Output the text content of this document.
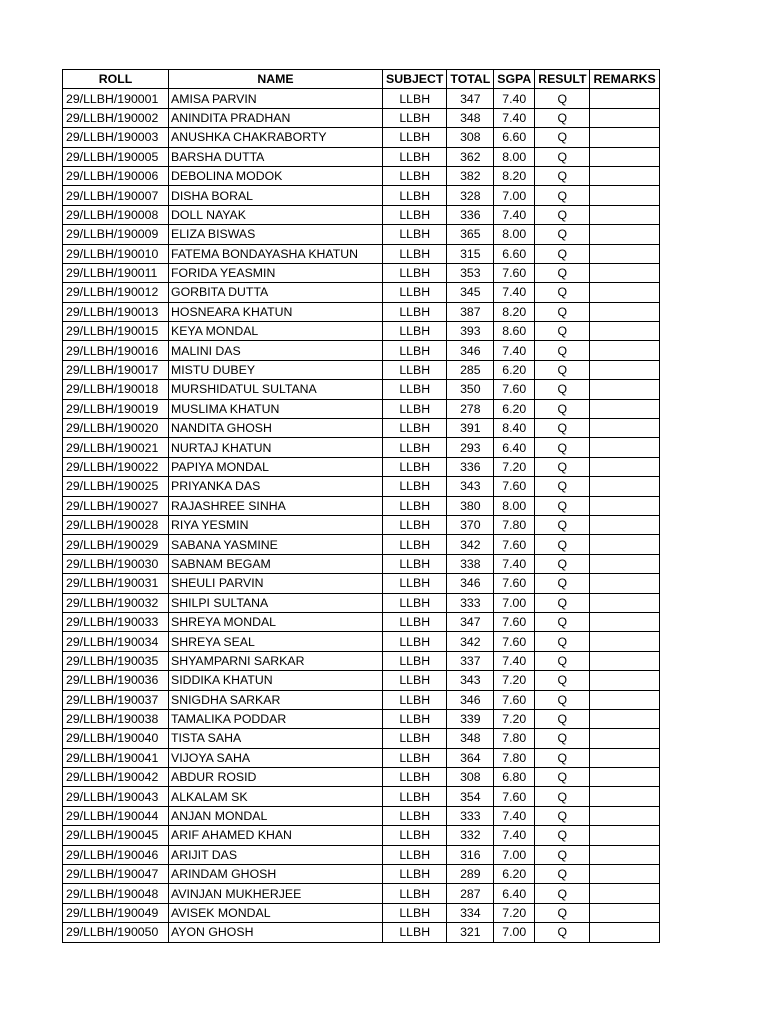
ROLL	NAME	SUBJECT	TOTAL	SGPA	RESULT	REMARKS
29/LLBH/190001	AMISA PARVIN	LLBH	347	7.40	Q	
29/LLBH/190002	ANINDITA PRADHAN	LLBH	348	7.40	Q	
29/LLBH/190003	ANUSHKA CHAKRABORTY	LLBH	308	6.60	Q	
29/LLBH/190005	BARSHA DUTTA	LLBH	362	8.00	Q	
29/LLBH/190006	DEBOLINA MODOK	LLBH	382	8.20	Q	
29/LLBH/190007	DISHA BORAL	LLBH	328	7.00	Q	
29/LLBH/190008	DOLL NAYAK	LLBH	336	7.40	Q	
29/LLBH/190009	ELIZA BISWAS	LLBH	365	8.00	Q	
29/LLBH/190010	FATEMA BONDAYASHA KHATUN	LLBH	315	6.60	Q	
29/LLBH/190011	FORIDA YEASMIN	LLBH	353	7.60	Q	
29/LLBH/190012	GORBITA DUTTA	LLBH	345	7.40	Q	
29/LLBH/190013	HOSNEARA KHATUN	LLBH	387	8.20	Q	
29/LLBH/190015	KEYA MONDAL	LLBH	393	8.60	Q	
29/LLBH/190016	MALINI DAS	LLBH	346	7.40	Q	
29/LLBH/190017	MISTU DUBEY	LLBH	285	6.20	Q	
29/LLBH/190018	MURSHIDATUL SULTANA	LLBH	350	7.60	Q	
29/LLBH/190019	MUSLIMA KHATUN	LLBH	278	6.20	Q	
29/LLBH/190020	NANDITA GHOSH	LLBH	391	8.40	Q	
29/LLBH/190021	NURTAJ KHATUN	LLBH	293	6.40	Q	
29/LLBH/190022	PAPIYA MONDAL	LLBH	336	7.20	Q	
29/LLBH/190025	PRIYANKA DAS	LLBH	343	7.60	Q	
29/LLBH/190027	RAJASHREE SINHA	LLBH	380	8.00	Q	
29/LLBH/190028	RIYA YESMIN	LLBH	370	7.80	Q	
29/LLBH/190029	SABANA YASMINE	LLBH	342	7.60	Q	
29/LLBH/190030	SABNAM BEGAM	LLBH	338	7.40	Q	
29/LLBH/190031	SHEULI PARVIN	LLBH	346	7.60	Q	
29/LLBH/190032	SHILPI SULTANA	LLBH	333	7.00	Q	
29/LLBH/190033	SHREYA MONDAL	LLBH	347	7.60	Q	
29/LLBH/190034	SHREYA SEAL	LLBH	342	7.60	Q	
29/LLBH/190035	SHYAMPARNI SARKAR	LLBH	337	7.40	Q	
29/LLBH/190036	SIDDIKA KHATUN	LLBH	343	7.20	Q	
29/LLBH/190037	SNIGDHA SARKAR	LLBH	346	7.60	Q	
29/LLBH/190038	TAMALIKA PODDAR	LLBH	339	7.20	Q	
29/LLBH/190040	TISTA SAHA	LLBH	348	7.80	Q	
29/LLBH/190041	VIJOYA SAHA	LLBH	364	7.80	Q	
29/LLBH/190042	ABDUR ROSID	LLBH	308	6.80	Q	
29/LLBH/190043	ALKALAM SK	LLBH	354	7.60	Q	
29/LLBH/190044	ANJAN MONDAL	LLBH	333	7.40	Q	
29/LLBH/190045	ARIF AHAMED KHAN	LLBH	332	7.40	Q	
29/LLBH/190046	ARIJIT DAS	LLBH	316	7.00	Q	
29/LLBH/190047	ARINDAM GHOSH	LLBH	289	6.20	Q	
29/LLBH/190048	AVINJAN MUKHERJEE	LLBH	287	6.40	Q	
29/LLBH/190049	AVISEK MONDAL	LLBH	334	7.20	Q	
29/LLBH/190050	AYON GHOSH	LLBH	321	7.00	Q	
